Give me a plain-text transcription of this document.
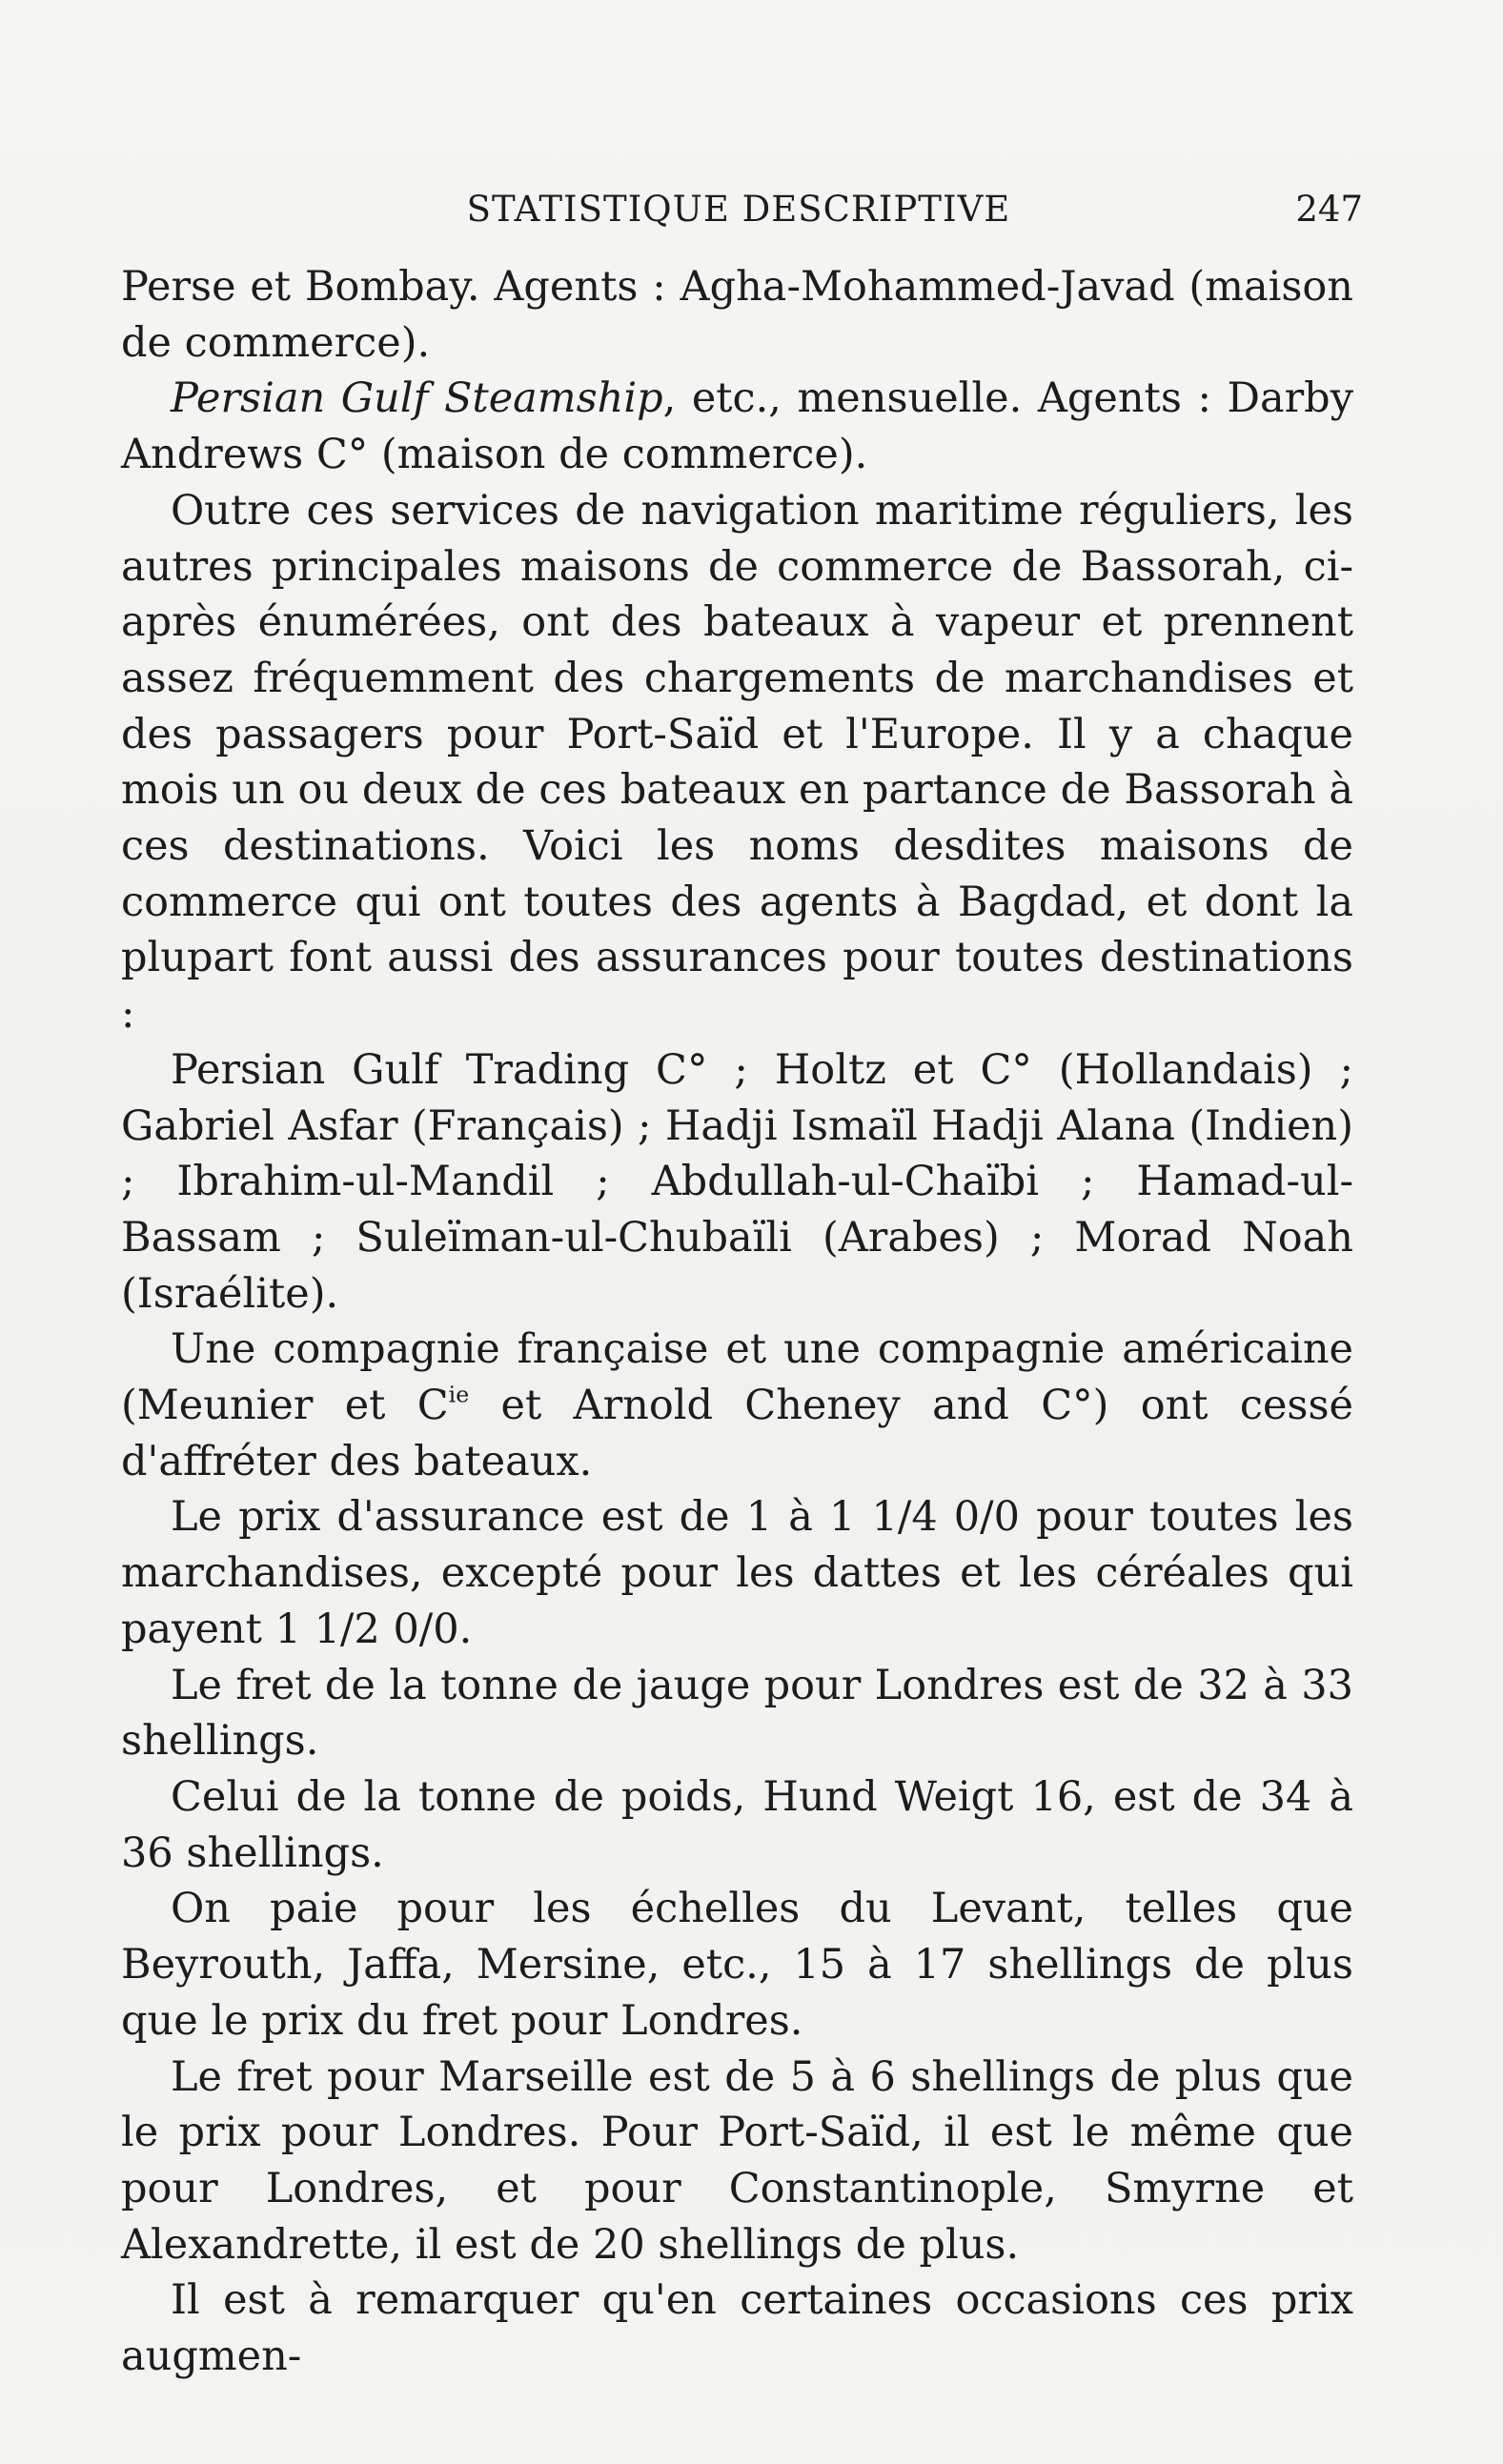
STATISTIQUE DESCRIPTIVE	247

Perse et Bombay. Agents : Agha-Mohammed-Javad (maison de commerce).

Persian Gulf Steamship, etc., mensuelle. Agents : Darby Andrews C° (maison de commerce).

Outre ces services de navigation maritime réguliers, les autres principales maisons de commerce de Bassorah, ci-après énumérées, ont des bateaux à vapeur et prennent assez fréquemment des chargements de marchandises et des passagers pour Port-Saïd et l'Europe. Il y a chaque mois un ou deux de ces bateaux en partance de Bassorah à ces destinations. Voici les noms desdites maisons de commerce qui ont toutes des agents à Bagdad, et dont la plupart font aussi des assurances pour toutes destinations :

Persian Gulf Trading C° ; Holtz et C° (Hollandais) ; Gabriel Asfar (Français) ; Hadji Ismaïl Hadji Alana (Indien) ; Ibrahim-ul-Mandil ; Abdullah-ul-Chaïbi ; Hamad-ul-Bassam ; Suleïman-ul-Chubaïli (Arabes) ; Morad Noah (Israélite).

Une compagnie française et une compagnie américaine (Meunier et $C^{ie}$ et Arnold Cheney and C°) ont cessé d'affréter des bateaux.

Le prix d'assurance est de 1 à 1 1/4 0/0 pour toutes les marchandises, excepté pour les dattes et les céréales qui payent 1 1/2 0/0.

Le fret de la tonne de jauge pour Londres est de 32 à 33 shellings.

Celui de la tonne de poids, Hund Weigt 16, est de 34 à 36 shellings.

On paie pour les échelles du Levant, telles que Beyrouth, Jaffa, Mersine, etc., 15 à 17 shellings de plus que le prix du fret pour Londres.

Le fret pour Marseille est de 5 à 6 shellings de plus que le prix pour Londres. Pour Port-Saïd, il est le même que pour Londres, et pour Constantinople, Smyrne et Alexandrette, il est de 20 shellings de plus.

Il est à remarquer qu'en certaines occasions ces prix augmen-
